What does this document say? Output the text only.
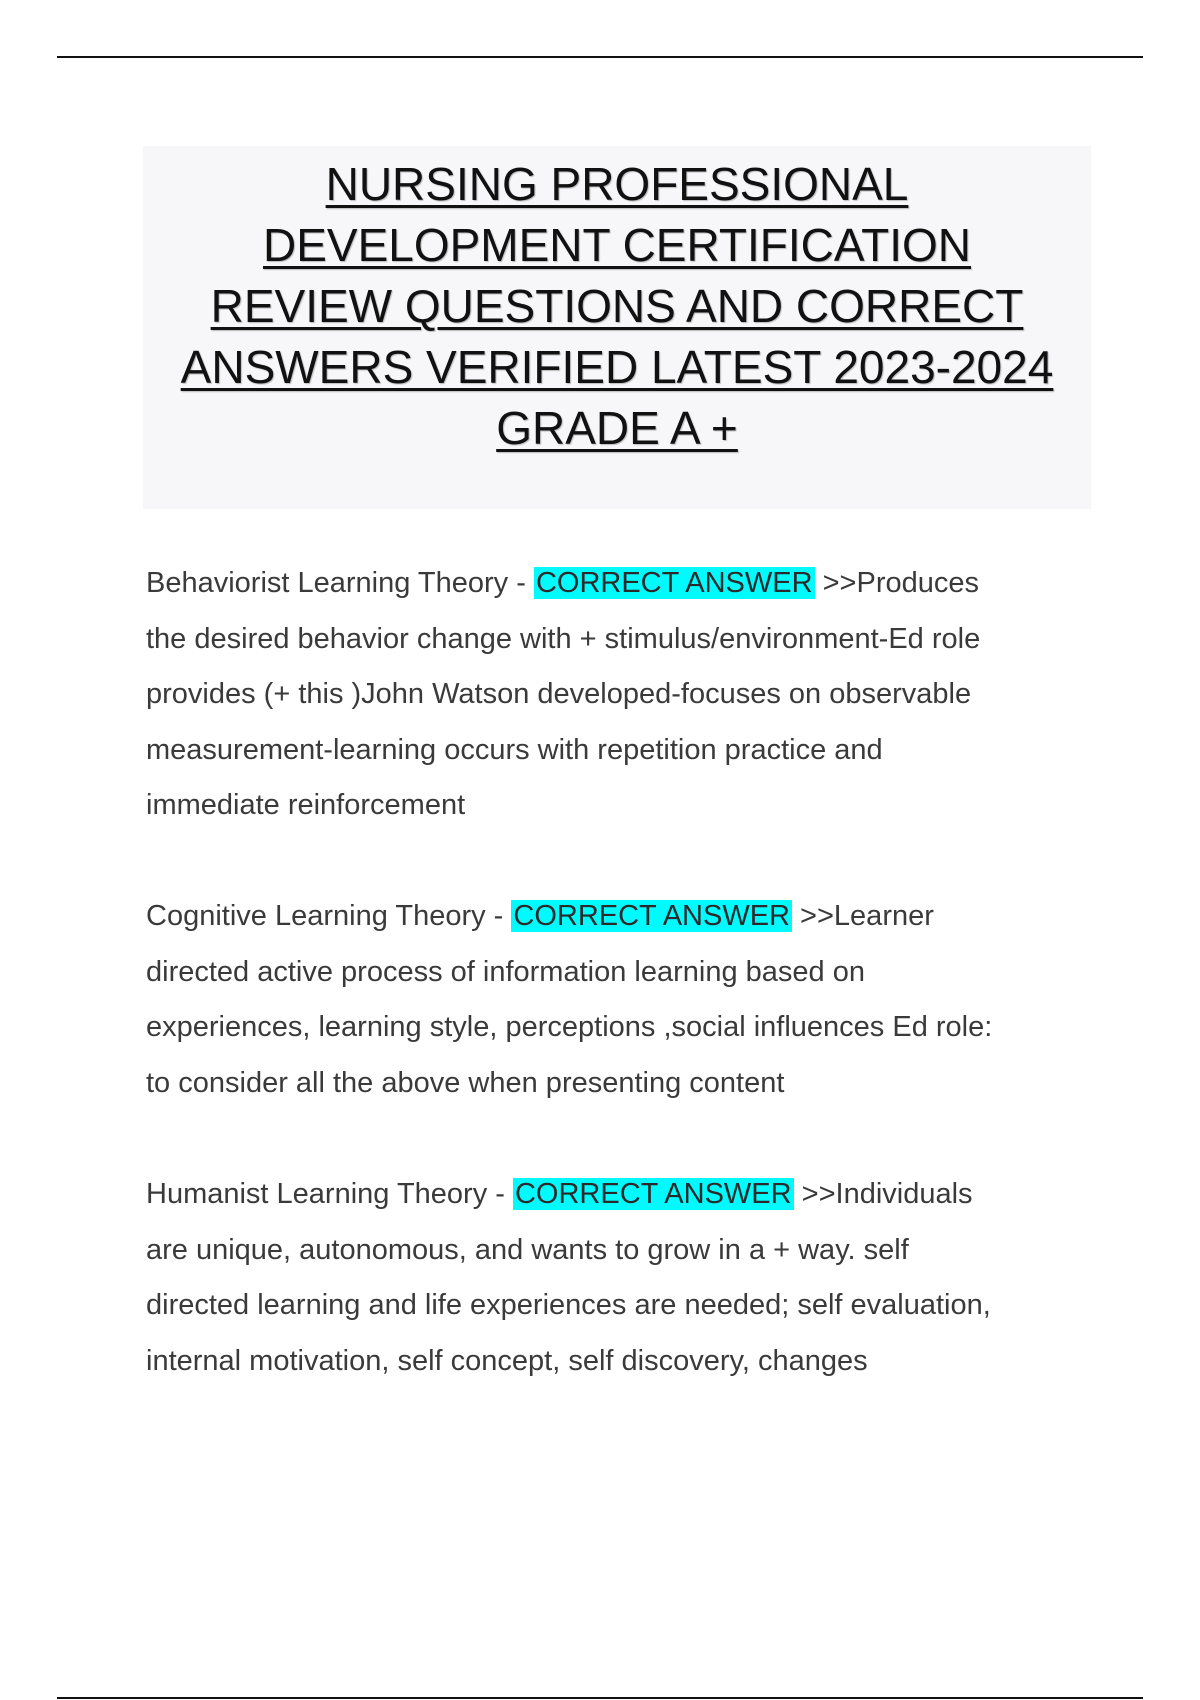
NURSING PROFESSIONAL
DEVELOPMENT CERTIFICATION
REVIEW QUESTIONS AND CORRECT
ANSWERS VERIFIED LATEST 2023-2024
GRADE A +
Behaviorist Learning Theory - CORRECT ANSWER >>Produces
the desired behavior change with + stimulus/environment-Ed role
provides (+ this )John Watson developed-focuses on observable
measurement-learning occurs with repetition practice and
immediate reinforcement
Cognitive Learning Theory - CORRECT ANSWER >>Learner
directed active process of information learning based on
experiences, learning style, perceptions ,social influences Ed role:
to consider all the above when presenting content
Humanist Learning Theory - CORRECT ANSWER >>Individuals
are unique, autonomous, and wants to grow in a + way. self
directed learning and life experiences are needed; self evaluation,
internal motivation, self concept, self discovery, changes
